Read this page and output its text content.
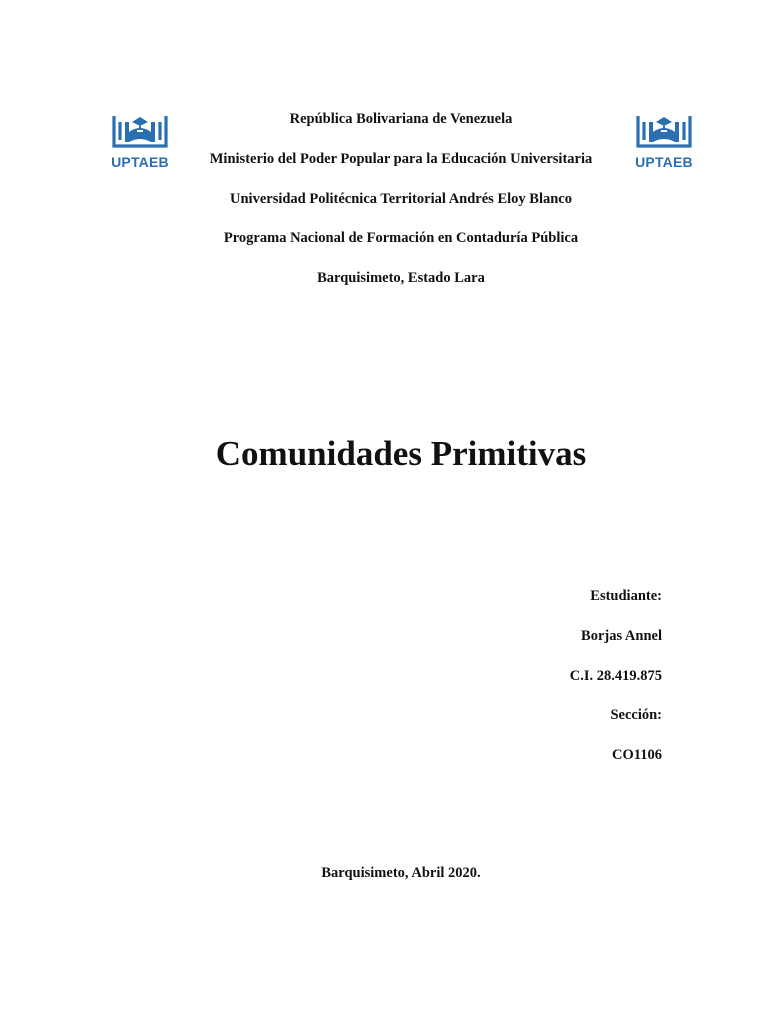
UPTAEB	UPTAEB
República Bolivariana de Venezuela
Ministerio del Poder Popular para la Educación Universitaria
Universidad Politécnica Territorial Andrés Eloy Blanco
Programa Nacional de Formación en Contaduría Pública
Barquisimeto, Estado Lara
Comunidades Primitivas
Estudiante:
Borjas Annel
C.I. 28.419.875
Sección:
CO1106
Barquisimeto, Abril 2020.
